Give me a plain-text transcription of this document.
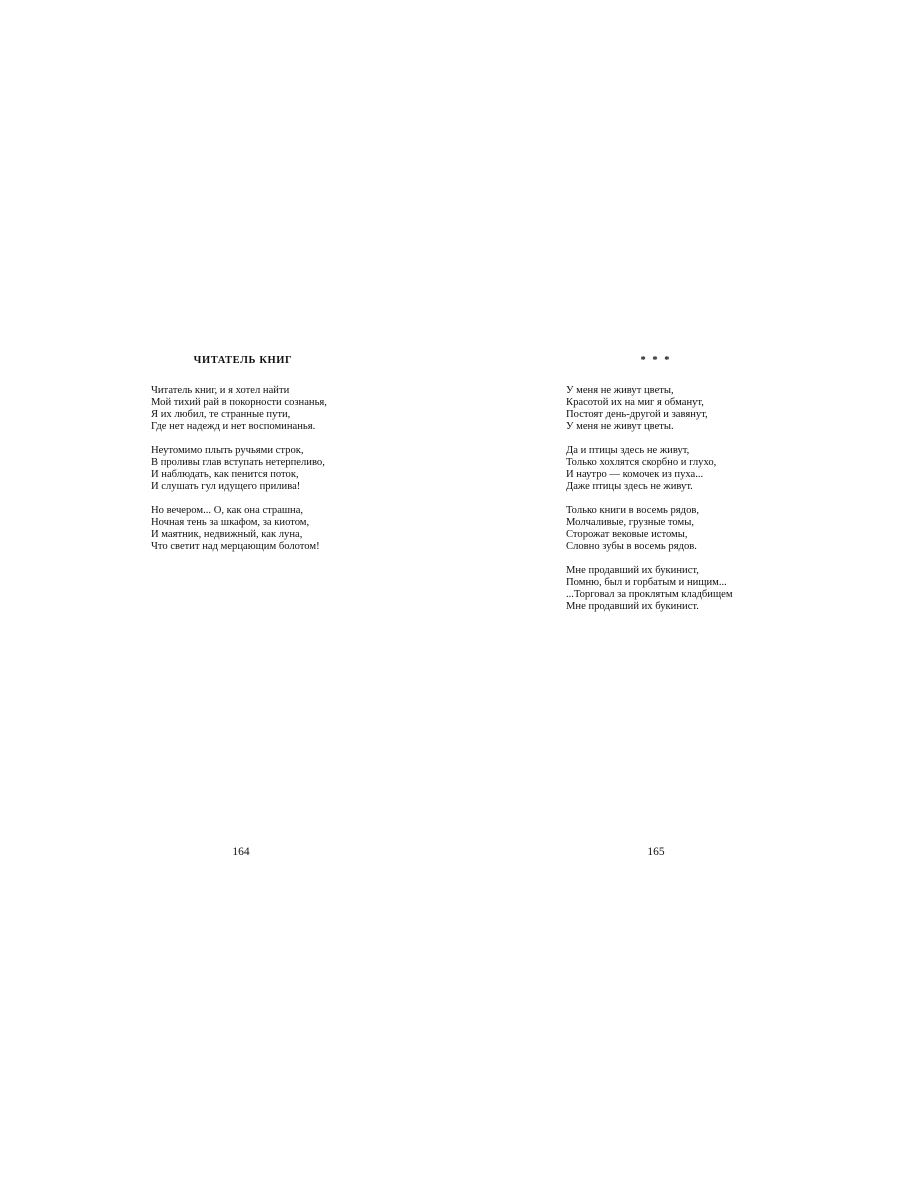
ЧИТАТЕЛЬ КНИГ
Читатель книг, и я хотел найти
Мой тихий рай в покорности сознанья,
Я их любил, те странные пути,
Где нет надежд и нет воспоминанья.
Неутомимо плыть ручьями строк,
В проливы глав вступать нетерпеливо,
И наблюдать, как пенится поток,
И слушать гул идущего прилива!
Но вечером... О, как она страшна,
Ночная тень за шкафом, за киотом,
И маятник, недвижный, как луна,
Что светит над мерцающим болотом!
164
* * *
У меня не живут цветы,
Красотой их на миг я обманут,
Постоят день-другой и завянут,
У меня не живут цветы.
Да и птицы здесь не живут,
Только хохлятся скорбно и глухо,
И наутро — комочек из пуха...
Даже птицы здесь не живут.
Только книги в восемь рядов,
Молчаливые, грузные томы,
Сторожат вековые истомы,
Словно зубы в восемь рядов.
Мне продавший их букинист,
Помню, был и горбатым и нищим...
...Торговал за проклятым кладбищем
Мне продавший их букинист.
165
